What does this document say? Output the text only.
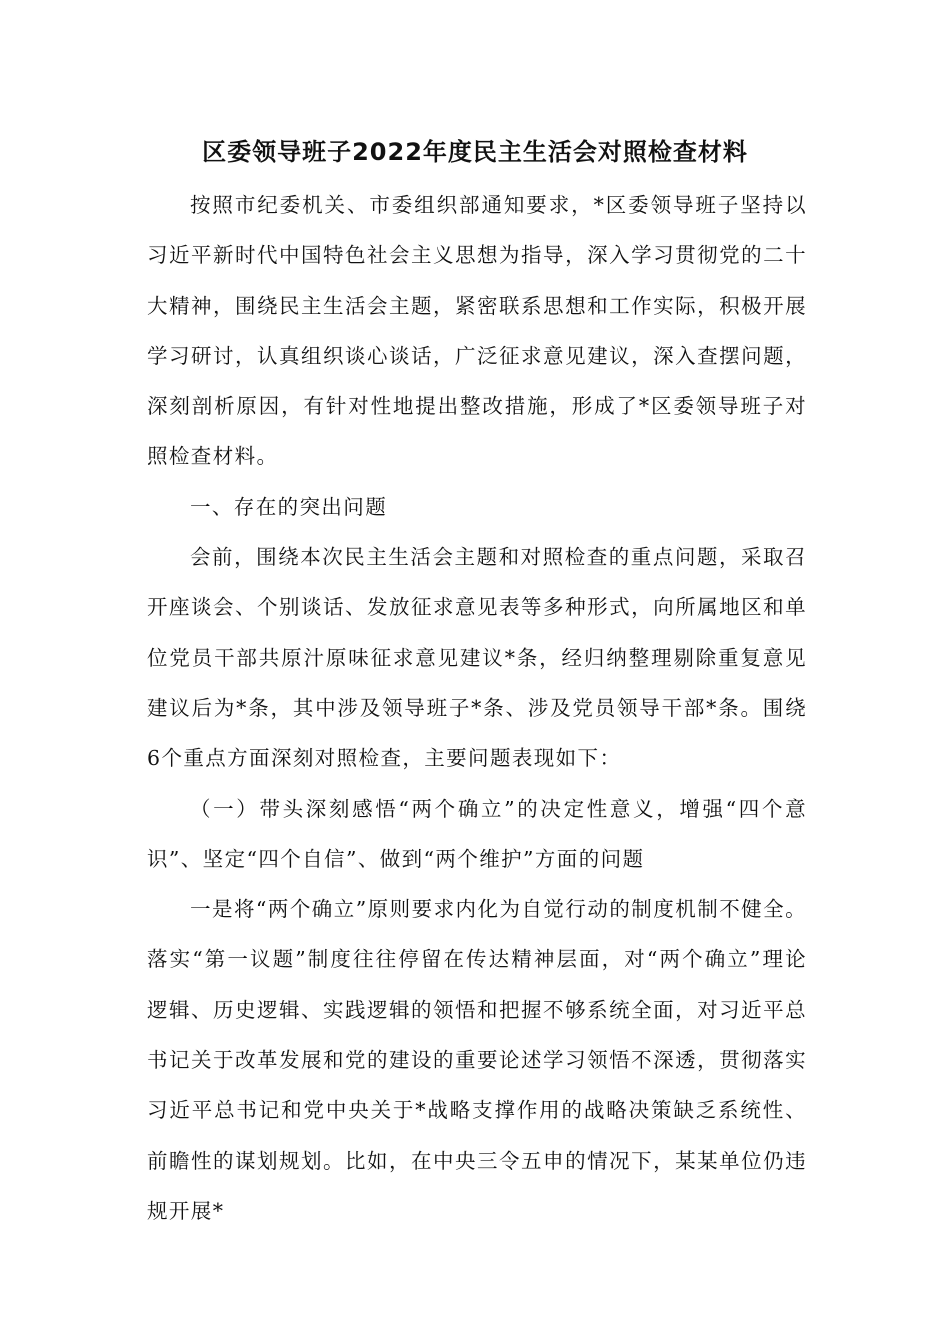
区委领导班子2022年度民主生活会对照检查材料

按照市纪委机关、市委组织部通知要求，*区委领导班子坚持以习近平新时代中国特色社会主义思想为指导，深入学习贯彻党的二十大精神，围绕民主生活会主题，紧密联系思想和工作实际，积极开展学习研讨，认真组织谈心谈话，广泛征求意见建议，深入查摆问题，深刻剖析原因，有针对性地提出整改措施，形成了*区委领导班子对照检查材料。

一、存在的突出问题

会前，围绕本次民主生活会主题和对照检查的重点问题，采取召开座谈会、个别谈话、发放征求意见表等多种形式，向所属地区和单位党员干部共原汁原味征求意见建议*条，经归纳整理剔除重复意见建议后为*条，其中涉及领导班子*条、涉及党员领导干部*条。围绕6个重点方面深刻对照检查，主要问题表现如下：

（一）带头深刻感悟“两个确立”的决定性意义，增强“四个意识”、坚定“四个自信”、做到“两个维护”方面的问题

一是将“两个确立”原则要求内化为自觉行动的制度机制不健全。落实“第一议题”制度往往停留在传达精神层面，对“两个确立”理论逻辑、历史逻辑、实践逻辑的领悟和把握不够系统全面，对习近平总书记关于改革发展和党的建设的重要论述学习领悟不深透，贯彻落实习近平总书记和党中央关于*战略支撑作用的战略决策缺乏系统性、前瞻性的谋划规划。比如，在中央三令五申的情况下，某某单位仍违规开展*
